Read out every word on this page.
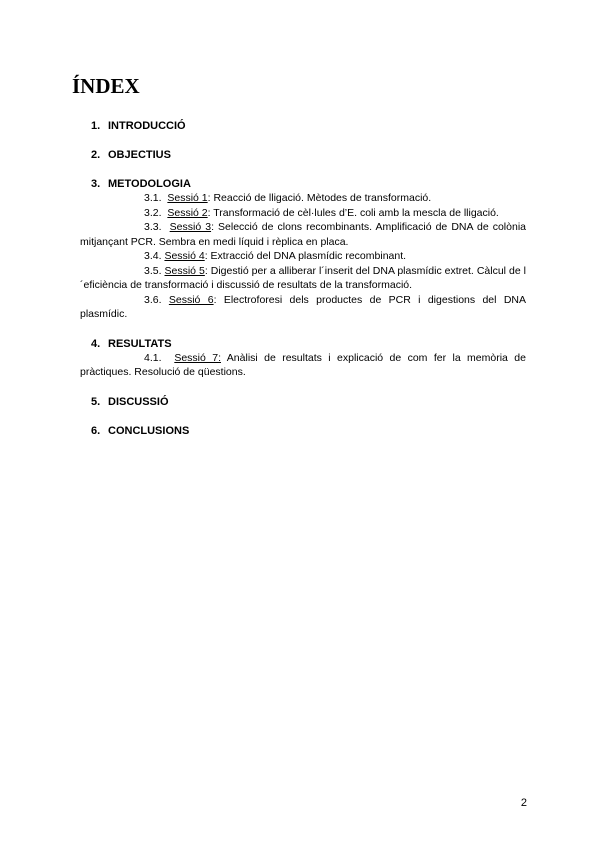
ÍNDEX
1. INTRODUCCIÓ
2. OBJECTIUS
3. METODOLOGIA

3.1. Sessió 1: Reacció de lligació. Mètodes de transformació.

3.2. Sessió 2: Transformació de cèl·lules d’E. coli amb la mescla de lligació.

3.3. Sessió 3: Selecció de clons recombinants. Amplificació de DNA de colònia mitjançant PCR. Sembra en medi líquid i rèplica en placa.

3.4. Sessió 4: Extracció del DNA plasmídic recombinant.

3.5. Sessió 5: Digestió per a alliberar l´inserit del DNA plasmídic extret. Càlcul de l´eficiència de transformació i discussió de resultats de la transformació.

3.6. Sessió 6: Electroforesi dels productes de PCR i digestions del DNA plasmídic.

4. RESULTATS

4.1. Sessió 7: Anàlisi de resultats i explicació de com fer la memòria de pràctiques. Resolució de qüestions.

5. DISCUSSIÓ
6. CONCLUSIONS
2
